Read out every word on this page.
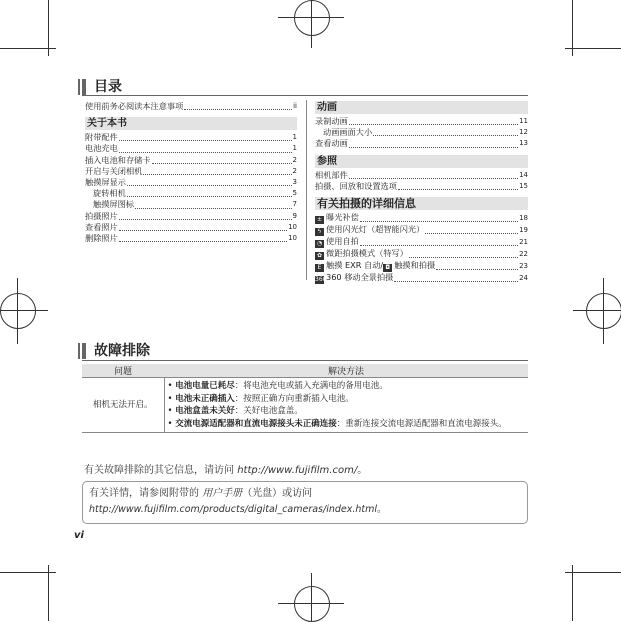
目录
使用前务必阅读本注意事项	ii
关于本书
附带配件	1
电池充电	1
插入电池和存储卡	2
开启与关闭相机	2
触摸屏显示	3
旋转相机	5
触摸屏图标	7
拍摄照片	9
查看照片	10
删除照片	10
动画
录制动画	11
动画画面大小	12
查看动画	13
参照
相机部件	14
拍摄、回放和设置选项	15
有关拍摄的详细信息
± 曝光补偿	18
ϟ 使用闪光灯（超智能闪光）	19
◔ 使用自拍	21
✿ 微距拍摄模式（特写）	22
E 触摸 EXR 自动/ ◘ 触摸和拍摄	23
360360 移动全景拍摄	24
故障排除
问题	解决方法
相机无法开启。	• 电池电量已耗尽：将电池充电或插入充满电的备用电池。
• 电池未正确插入：按照正确方向重新插入电池。
• 电池盒盖未关好：关好电池盒盖。
• 交流电源适配器和直流电源接头未正确连接：重新连接交流电源适配器和直流电源接头。
有关故障排除的其它信息，请访问 http://www.fujifilm.com/。
有关详情，请参阅附带的 用户手册（光盘）或访问
http://www.fujifilm.com/products/digital_cameras/index.html。
vi
